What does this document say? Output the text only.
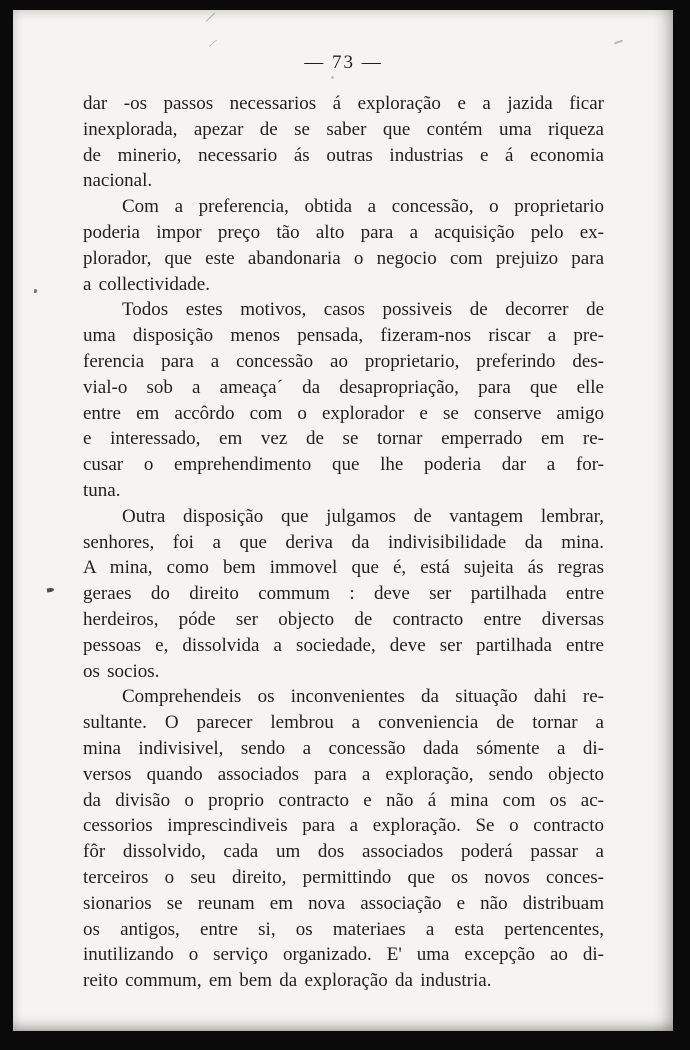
⁄
⁄
— 73 —
dar -os passos necessarios á exploração e a jazida ficar
inexplorada, apezar de se saber que contém uma riqueza
de minerio, necessario ás outras industrias e á economia
nacional.
Com a preferencia, obtida a concessão, o proprietario
poderia impor preço tão alto para a acquisição pelo ex-
plorador, que este abandonaria o negocio com prejuizo para
a collectividade.
Todos estes motivos, casos possiveis de decorrer de
uma disposição menos pensada, fizeram-nos riscar a pre-
ferencia para a concessão ao proprietario, preferindo des-
vial-o sob a ameaça´ da desapropriação, para que elle
entre em accôrdo com o explorador e se conserve amigo
e interessado, em vez de se tornar emperrado em re-
cusar o emprehendimento que lhe poderia dar a for-
tuna.
Outra disposição que julgamos de vantagem lembrar,
senhores, foi a que deriva da indivisibilidade da mina.
A mina, como bem immovel que é, está sujeita ás regras
geraes do direito commum : deve ser partilhada entre
herdeiros, póde ser objecto de contracto entre diversas
pessoas e, dissolvida a sociedade, deve ser partilhada entre
os socios.
Comprehendeis os inconvenientes da situação dahi re-
sultante. O parecer lembrou a conveniencia de tornar a
mina indivisivel, sendo a concessão dada sómente a di-
versos quando associados para a exploração, sendo objecto
da divisão o proprio contracto e não á mina com os ac-
cessorios imprescindiveis para a exploração. Se o contracto
fôr dissolvido, cada um dos associados poderá passar a
terceiros o seu direito, permittindo que os novos conces-
sionarios se reunam em nova associação e não distribuam
os antigos, entre si, os materiaes a esta pertencentes,
inutilizando o serviço organizado. E' uma excepção ao di-
reito commum, em bem da exploração da industria.
